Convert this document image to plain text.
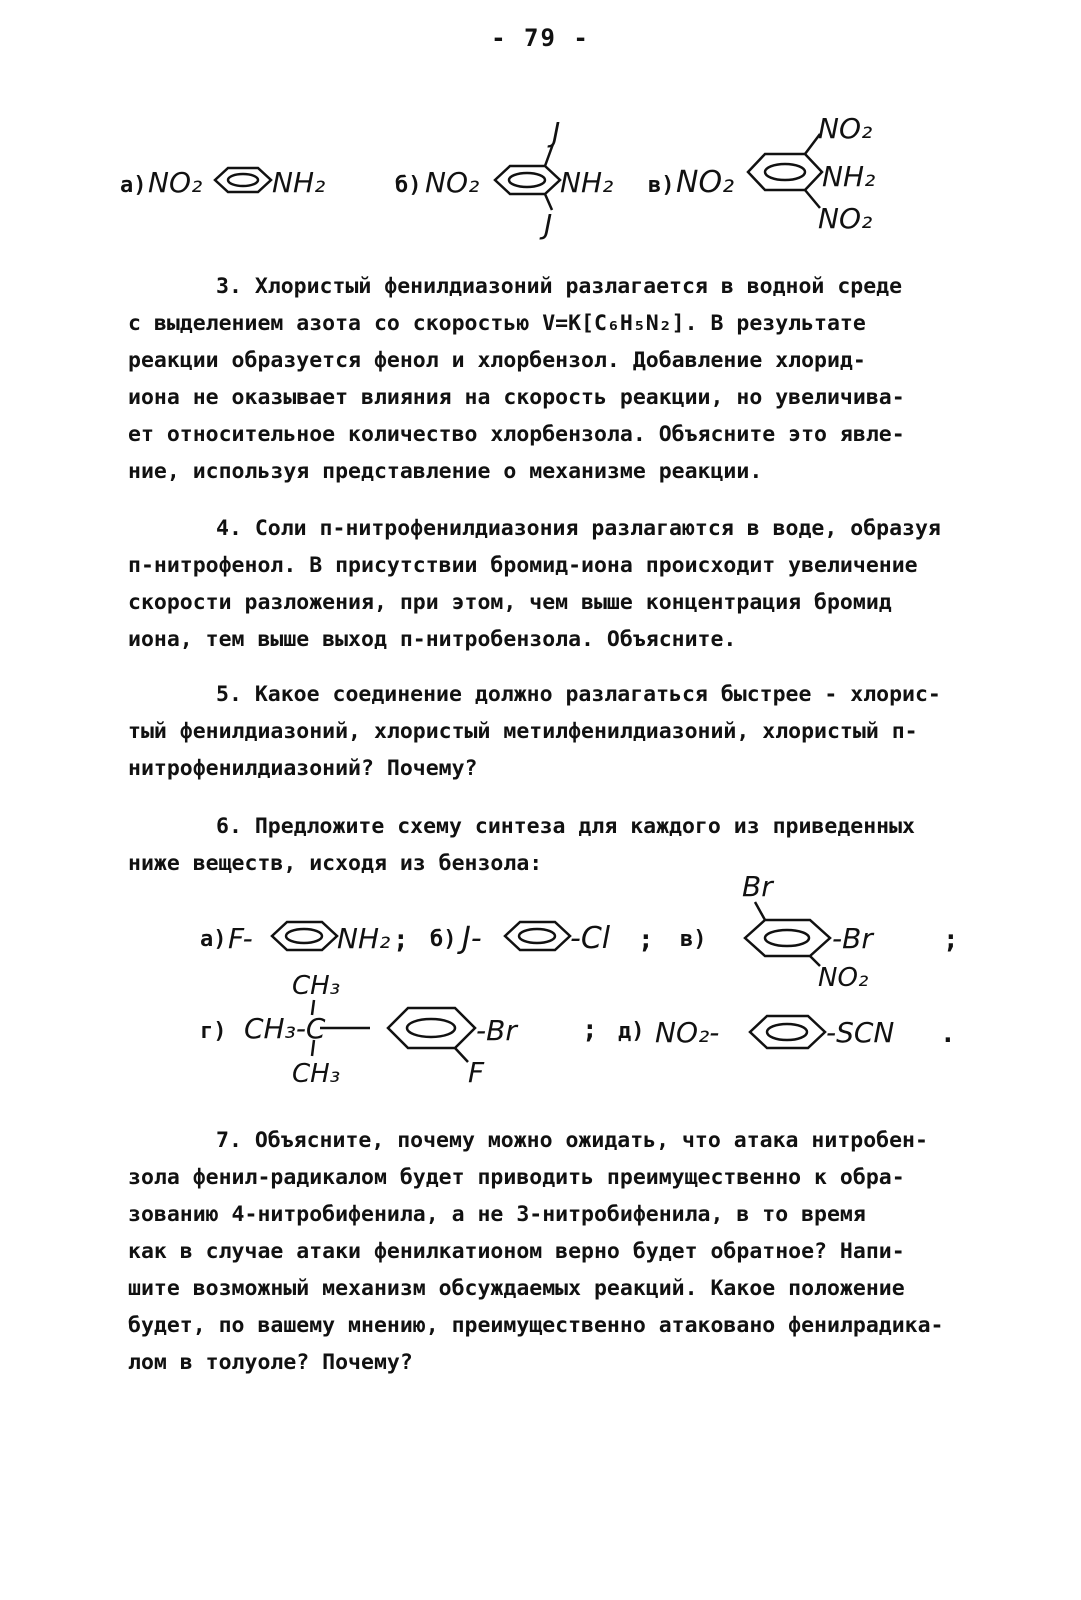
- 79 -
а) NO₂ NH₂	б) NO₂	NH₂
J
J
в) NO₂	NH₂
NO₂
NO₂
3. Хлористый фенилдиазоний разлагается в водной среде
с выделением азота со скоростью V=K[C₆H₅N₂]. В результате
реакции образуется фенол и хлорбензол. Добавление хлорид-
иона не оказывает влияния на скорость реакции, но увеличива-
ет относительное количество хлорбензола. Объясните это явле-
ние, используя представление о механизме реакции.
4. Соли п-нитрофенилдиазония разлагаются в воде, образуя
п-нитрофенол. В присутствии бромид-иона происходит увеличение
скорости разложения, при этом, чем выше концентрация бромид
иона, тем выше выход п-нитробензола. Объясните.
5. Какое соединение должно разлагаться быстрее - хлорис-
тый фенилдиазоний, хлористый метилфенилдиазоний, хлористый п-
нитрофенилдиазоний? Почему?
6. Предложите схему синтеза для каждого из приведенных
ниже веществ, исходя из бензола:
а) F-	NH₂ ; б) J-	-Cl ; в)
Br
-Br
NO₂
;
г)
CH₃
CH₃-C
CH₃
-Br
F
; д) NO₂-	-SCN .
7. Объясните, почему можно ожидать, что атака нитробен-
зола фенил-радикалом будет приводить преимущественно к обра-
зованию 4-нитробифенила, а не 3-нитробифенила, в то время
как в случае атаки фенилкатионом верно будет обратное? Напи-
шите возможный механизм обсуждаемых реакций. Какое положение
будет, по вашему мнению, преимущественно атаковано фенилрадика-
лом в толуоле? Почему?
